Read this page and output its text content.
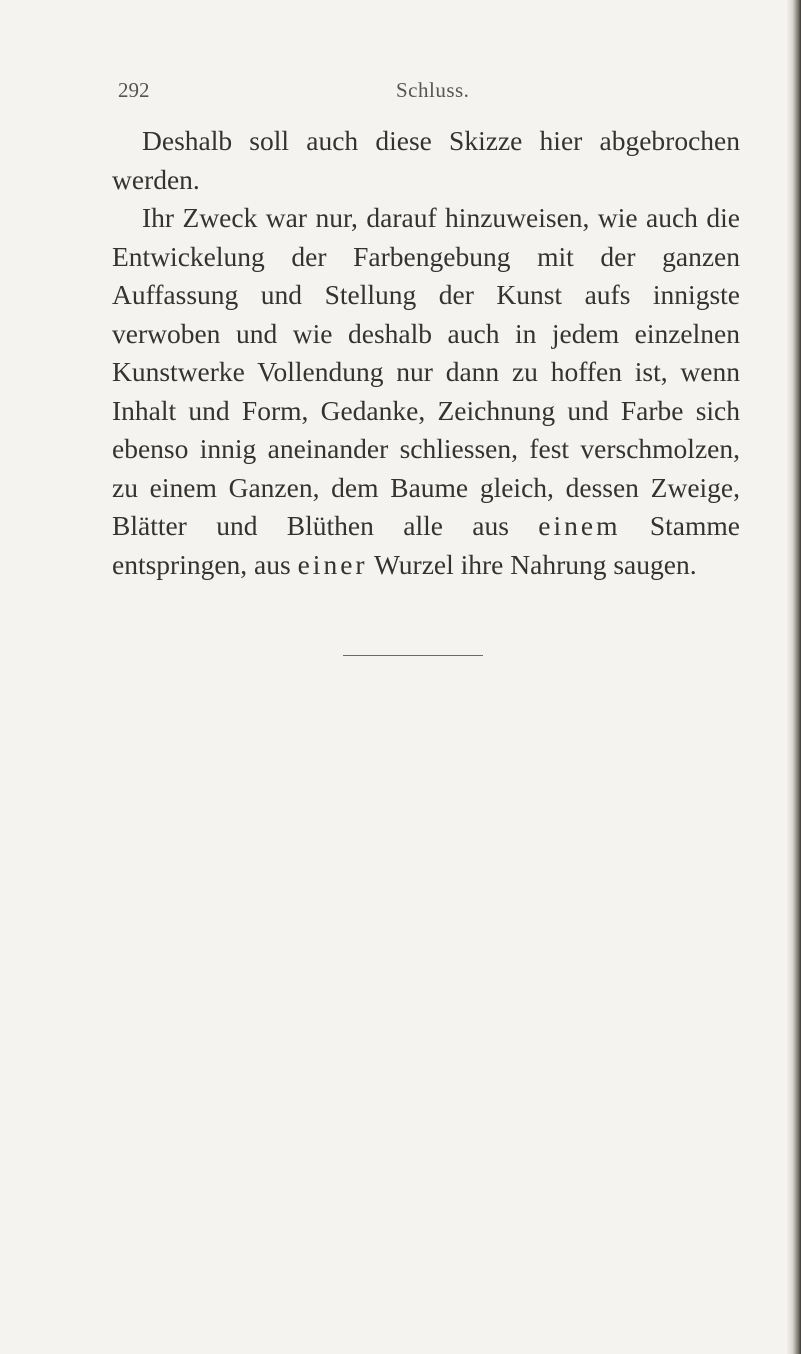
292	Schluss.

Deshalb soll auch diese Skizze hier abgebrochen werden.

Ihr Zweck war nur, darauf hinzuweisen, wie auch die Entwickelung der Farbengebung mit der ganzen Auffassung und Stellung der Kunst aufs innigste verwoben und wie deshalb auch in jedem einzelnen Kunstwerke Vollendung nur dann zu hoffen ist, wenn Inhalt und Form, Gedanke, Zeichnung und Farbe sich ebenso innig aneinander schliessen, fest verschmolzen, zu einem Ganzen, dem Baume gleich, dessen Zweige, Blätter und Blüthen alle aus einem Stamme entspringen, aus einer Wurzel ihre Nahrung saugen.
